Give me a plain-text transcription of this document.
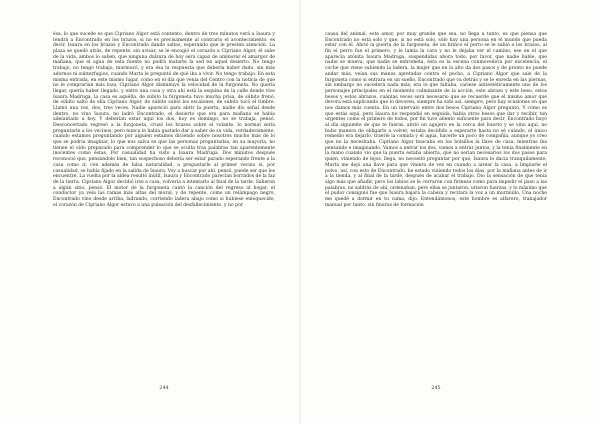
ésa, lo que sucede es que Cipriano Algor está contento, dentro de tres minutos verá a Isaura y tendrá a Encontrado en los brazos, si no es precisamente al contrario el acontecimiento, es decir, Isaura en los brazos y Encontrado dando saltos, esperando que le presten atención. La plaza se quedó atrás, de repente, sin avisar, se le encogió el corazón a Cipriano Algor, él sabe de la vida, ambos lo saben, que ninguna dulzura de hoy será capaz de aminorar el amargor de mañana, que el agua de esta fuente no podrá matarte la sed en aquel desierto. No tengo trabajo, no tengo trabajo, murmuró, y era ésa la respuesta que debería haber dado, sin más adornos ni subterfugios, cuando Marta le preguntó de qué iba a vivir. No tengo trabajo. En esta misma entrada, en este mismo lugar, como en el día que venía del Centro con la noticia de que no le comprarían más loza, Cipriano Algor disminuyó la velocidad de la furgoneta. No quería llegar, quería haber llegado, y entre una cosa y otra ahí está la esquina de la calle donde vive Isaura Madruga, la casa es aquélla, de súbito la furgoneta tuvo mucha prisa, de súbito frenó, de súbito saltó de ella Cipriano Algor, de súbito subió los escalones, de súbito tocó el timbre. Llamó una vez, dos, tres veces. Nadie apareció para abrir la puerta, nadie dio señal desde dentro, no vino Isaura, no ladró Encontrado, el desierto que era para mañana se había adelantado a hoy. Y deberían estar aquí los dos, hoy es domingo, no se trabaja, pensó. Desconcertado regresó a la furgoneta, cruzó los brazos sobre el volante, lo normal sería preguntarle a los vecinos, pero nunca le había gustado dar a saber de su vida, verdaderamente, cuando estamos preguntando por alguien estamos diciendo sobre nosotros mucho más de lo que se podría imaginar, lo que nos salva es que las personas preguntadas, en su mayoría, no tienen el oído preparado para comprender lo que se oculta tras palabras tan aparentemente inocentes como éstas, Por casualidad ha visto a Isaura Madruga. Dos minutos después reconoció que, pensándolo bien, tan sospechoso debería ser estar parado esperando frente a la casa como ir, con además de falsa naturalidad, a preguntarle al primer vecino si, por casualidad, se había fijado en la salida de Isaura. Voy a buscar por ahí, pensó, puede ser que los encuentre. La vuelta por la aldea resultó inútil, Isaura y Encontrado parecían borrados de la faz de la tierra. Cipriano Algor decidió irse a casa, volvería a intentarlo al final de la tarde. Salieron a algún sitio, pensó. El motor de la furgoneta cantó la canción del regreso al hogar, el conductor ya veía las ramas más altas del moral, y de repente, como un relámpago negro, Encontrado vino desde arriba, ladrando, corriendo ladera abajo como si hubiese enloquecido, el corazón de Cipriano Algor estuvo a una pulsación del desfallecimiento, y no por

244

causa del animal, este amor, por muy grande que sea, no llega a tanto, es que piensa que Encontrado no está solo y que, si no está solo, sólo hay una persona en el mundo que pueda estar con él. Abrió la puerta de la furgoneta, de un brinco el perro se le subió a los brazos, al fin el perro fue el primero, y le lamía la cara y no le dejaba ver el camino, ese en el que aparecía atónita Isaura Madruga, suspendidas ahora todo, por favor, que nadie hable, que nadie se mueva, que nadie se entrometa, ésta es la escena conmovedora por excelencia, el coche que viene subiendo la ladera, la mujer que en lo alto da dos pasos y de pronto no puede andar más, veían sus manos apretadas contra el pecho, a Cipriano Algor que sale de la furgoneta como si entrara en un sueño, Encontrado que va detrás y se le enreda en las piernas, sin embargo no sucederá nada más, era lo que faltaba, cariese antiestéticamente uno de los personajes principales en el momento culminante de la acción, este abrazo y este beso, estos besos y estos abrazos, cuántas veces será necesario que se recuerde que el mismo amor que devora está suplicando que lo devoren, siempre ha sido así, siempre, pero hay ocasiones en que nos damos más cuenta. En un intervalo entre dos besos Cipriano Algor preguntó, Y cómo es que estás aquí, pero Isaura no respondió en seguida, había otros besos que dar y recibir, tan urgentes como el primero de todos, por fin tuvo aliento suficiente para decir, Encontrado huyó al día siguiente de que te fueras, abrió un agujero en la cerca del huerto y se vino aquí, no hubo manera de obligarlo a volver, estaba decidido a esperarte hasta no sé cuándo, el único remedio era dejarlo, traerle la comida y el agua, hacerle un poco de compañía, aunque yo creo que no la necesitaba. Cipriano Algor buscaba en los bolsillos la llave de casa, mientras iba pensando e imaginando, Vamos a entrar los dos, vamos a entrar juntos, y la tenía finalmente en la mano cuando vio que la puerta estaba abierta, que no serían necesarios los dos pasos para quien, viniendo de lejos, llega, no necesitó preguntar por qué, Isaura le dacía tranquilamente, Marta me dejó una llave para que viniera de vez en cuando a airear la casa, a limpiarle el polvo, así, con esto de Encontrado, he estado viniendo todos los días, por la mañana antes de ir a la tienda, y al final de la tarde, después de acabar el trabajo. Dio la sensación de que tenía algo más que añadir, pero los labios se le cerraron con firmeza como para impedir el paso a las palabras, no saldrás de ahí, ordenaban, pero ellas se juntaron, urieron fuerzas, y lo máximo que el pudor consiguió fue que Isaura bajara la cabeza y recitara la voz a un murmullo, Una noche me quedé a dormir en tu cama, dijo. Entendámonos, este hombre es alfarero, trabajador manual por tanto, sin finuras de formación

245
